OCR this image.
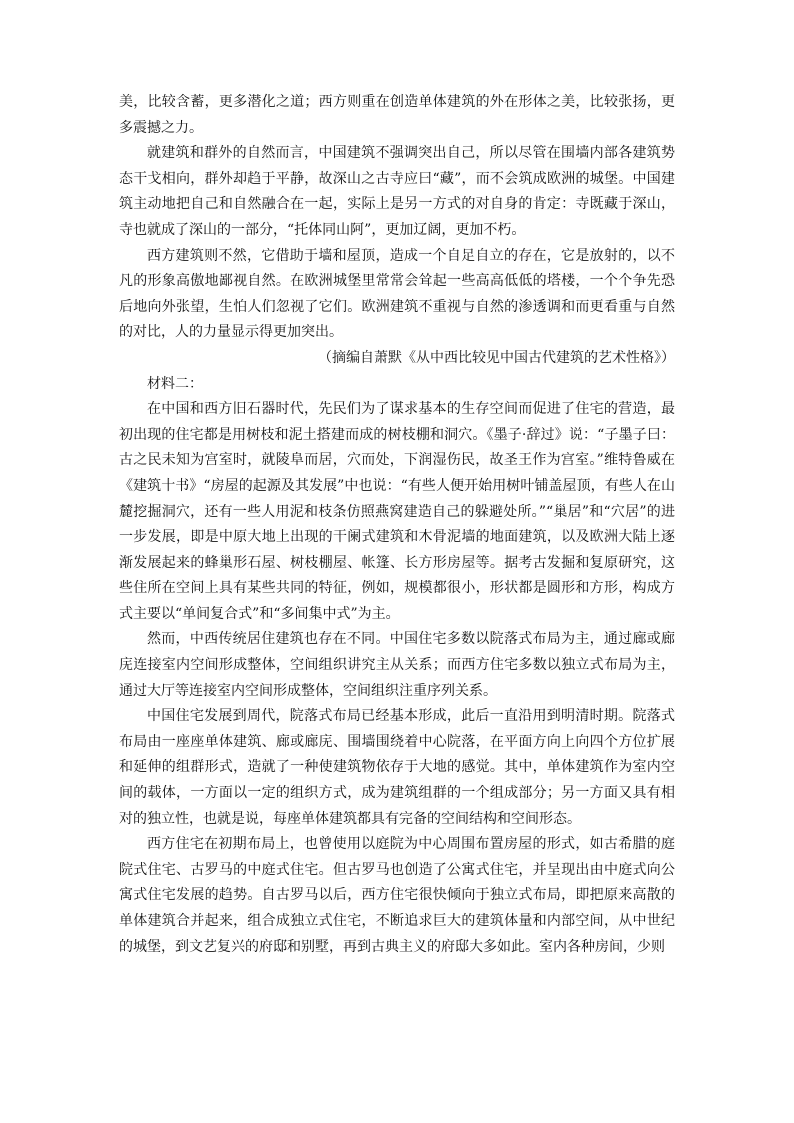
美，比较含蓄，更多潜化之道；西方则重在创造单体建筑的外在形体之美，比较张扬，更多震撼之力。

就建筑和群外的自然而言，中国建筑不强调突出自己，所以尽管在围墙内部各建筑势态干戈相向，群外却趋于平静，故深山之古寺应曰“藏”，而不会筑成欧洲的城堡。中国建筑主动地把自己和自然融合在一起，实际上是另一方式的对自身的肯定：寺既藏于深山，寺也就成了深山的一部分，“托体同山阿”，更加辽阔，更加不朽。

西方建筑则不然，它借助于墙和屋顶，造成一个自足自立的存在，它是放射的，以不凡的形象高傲地鄙视自然。在欧洲城堡里常常会耸起一些高高低低的塔楼，一个个争先恐后地向外张望，生怕人们忽视了它们。欧洲建筑不重视与自然的渗透调和而更看重与自然的对比，人的力量显示得更加突出。

（摘编自萧默《从中西比较见中国古代建筑的艺术性格》）

材料二：

在中国和西方旧石器时代，先民们为了谋求基本的生存空间而促进了住宅的营造，最初出现的住宅都是用树枝和泥土搭建而成的树枝棚和洞穴。《墨子·辞过》说：“子墨子曰：古之民未知为宫室时，就陵阜而居，穴而处，下润湿伤民，故圣王作为宫室。”维特鲁威在《建筑十书》“房屋的起源及其发展”中也说：“有些人便开始用树叶铺盖屋顶，有些人在山麓挖掘洞穴，还有一些人用泥和枝条仿照燕窝建造自己的躲避处所。”“巢居”和“穴居”的进一步发展，即是中原大地上出现的干阑式建筑和木骨泥墙的地面建筑，以及欧洲大陆上逐渐发展起来的蜂巢形石屋、树枝棚屋、帐篷、长方形房屋等。据考古发掘和复原研究，这些住所在空间上具有某些共同的特征，例如，规模都很小，形状都是圆形和方形，构成方式主要以“单间复合式”和“多间集中式”为主。

然而，中西传统居住建筑也存在不同。中国住宅多数以院落式布局为主，通过廊或廊庑连接室内空间形成整体，空间组织讲究主从关系；而西方住宅多数以独立式布局为主，通过大厅等连接室内空间形成整体，空间组织注重序列关系。

中国住宅发展到周代，院落式布局已经基本形成，此后一直沿用到明清时期。院落式布局由一座座单体建筑、廊或廊庑、围墙围绕着中心院落，在平面方向上向四个方位扩展和延伸的组群形式，造就了一种使建筑物依存于大地的感觉。其中，单体建筑作为室内空间的载体，一方面以一定的组织方式，成为建筑组群的一个组成部分；另一方面又具有相对的独立性，也就是说，每座单体建筑都具有完备的空间结构和空间形态。

西方住宅在初期布局上，也曾使用以庭院为中心周围布置房屋的形式，如古希腊的庭院式住宅、古罗马的中庭式住宅。但古罗马也创造了公寓式住宅，并呈现出由中庭式向公寓式住宅发展的趋势。自古罗马以后，西方住宅很快倾向于独立式布局，即把原来高散的单体建筑合并起来，组合成独立式住宅，不断追求巨大的建筑体量和内部空间，从中世纪的城堡，到文艺复兴的府邸和别墅，再到古典主义的府邸大多如此。室内各种房间，少则
